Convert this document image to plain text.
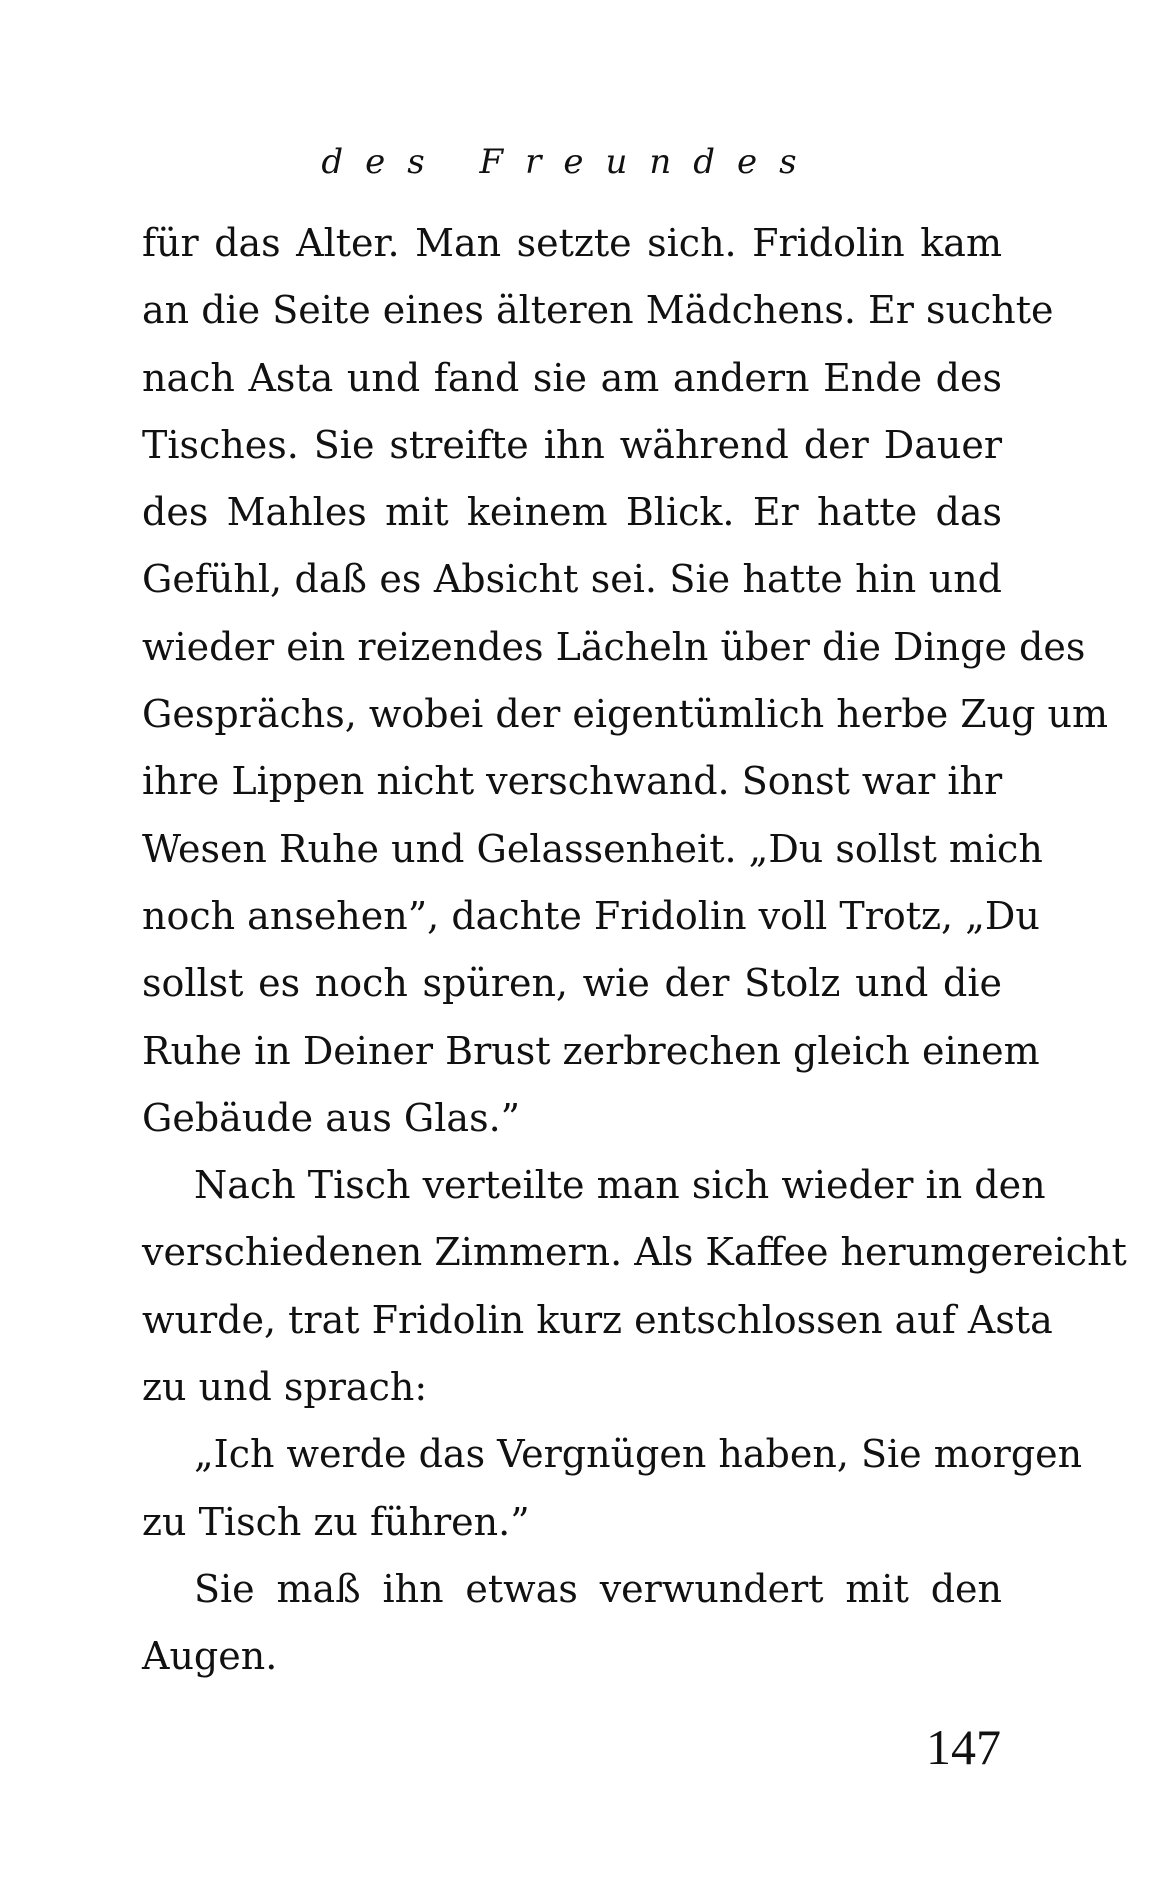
des Freundes
für das Alter. Man setzte sich. Fridolin kam
an die Seite eines älteren Mädchens. Er suchte
nach Asta und fand sie am andern Ende des
Tisches. Sie streifte ihn während der Dauer
des Mahles mit keinem Blick. Er hatte das
Gefühl, daß es Absicht sei. Sie hatte hin und
wieder ein reizendes Lächeln über die Dinge des
Gesprächs, wobei der eigentümlich herbe Zug um
ihre Lippen nicht verschwand. Sonst war ihr
Wesen Ruhe und Gelassenheit. „Du sollst mich
noch ansehen”, dachte Fridolin voll Trotz, „Du
sollst es noch spüren, wie der Stolz und die
Ruhe in Deiner Brust zerbrechen gleich einem
Gebäude aus Glas.”
Nach Tisch verteilte man sich wieder in den
verschiedenen Zimmern. Als Kaffee herumgereicht
wurde, trat Fridolin kurz entschlossen auf Asta
zu und sprach:
„Ich werde das Vergnügen haben, Sie morgen
zu Tisch zu führen.”
Sie maß ihn etwas verwundert mit den
Augen.
147
